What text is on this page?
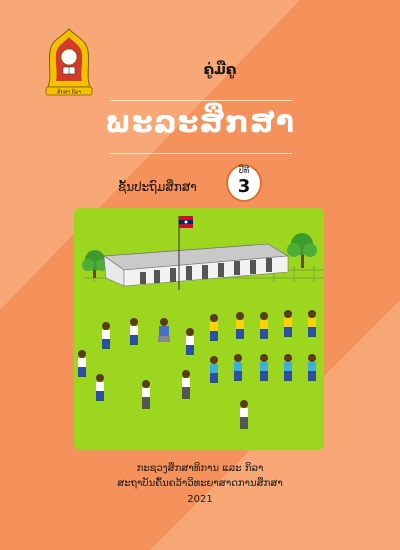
ສິກສາ ກິລາ
ຄູ່ມືຄູ
ພະລະສຶກສາ
ຊັ້ນປະຖົມສຶກສາ
ປີທີ
3
ກະຊວງສຶກສາທິການ ແລະ ກິລາ
ສະຖາບັນຄົ້ນຄວ້າວິທະຍາສາດການສຶກສາ
2021
